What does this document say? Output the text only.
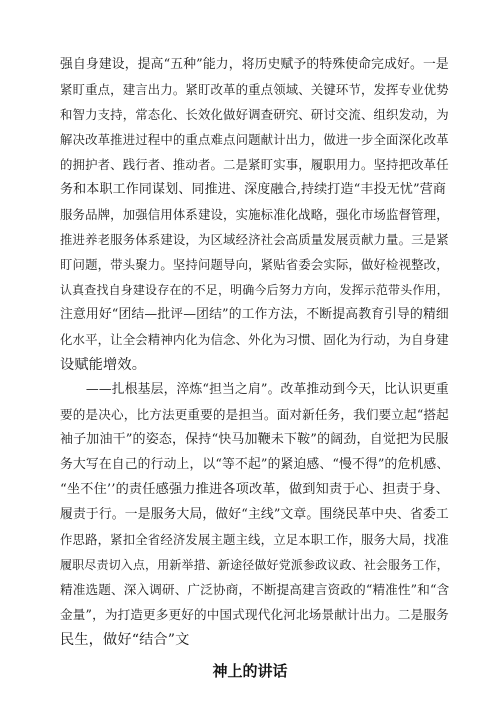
强自身建设，提高“五种”能力，将历史赋予的特殊使命完成好。一是
紧盯重点，建言出力。紧盯改革的重点领域、关键环节，发挥专业优势
和智力支持，常态化、长效化做好调查研究、研讨交流、组织发动，为
解决改革推进过程中的重点难点问题献计出力，做进一步全面深化改革
的拥护者、践行者、推动者。二是紧盯实事，履职用力。坚持把改革任
务和本职工作同谋划、同推进、深度融合,持续打造“丰投无忧”营商
服务品牌，加强信用体系建设，实施标准化战略，强化市场监督管理，
推进养老服务体系建设，为区域经济社会高质量发展贡献力量。三是紧
盯问题，带头聚力。坚持问题导向，紧贴省委会实际，做好检视整改，
认真查找自身建设存在的不足，明确今后努力方向，发挥示范带头作用，
注意用好“团结—批评—团结”的工作方法，不断提高教育引导的精细
化水平，让全会精神内化为信念、外化为习惯、固化为行动，为自身建
设赋能增效。
　　——扎根基层，淬炼“担当之肩”。改革推动到今天，比认识更重
要的是决心，比方法更重要的是担当。面对新任务，我们要立起“搭起
袖子加油干”的姿态，保持“快马加鞭未下鞍”的阔劲，自觉把为民服
务大写在自己的行动上，以“等不起”的紧迫感、“慢不得”的危机感、
“坐不住’’的责任感强力推进各项改革，做到知责于心、担责于身、
履责于行。一是服务大局，做好“主线”文章。围绕民革中央、省委工
作思路，紧扣全省经济发展主题主线，立足本职工作，服务大局，找准
履职尽责切入点，用新举措、新途径做好党派参政议政、社会服务工作，
精准选题、深入调研、广泛协商，不断提高建言资政的“精准性”和“含
金量”，为打造更多更好的中国式现代化河北场景献计出力。二是服务
民生，做好“结合”文
神上的讲话
